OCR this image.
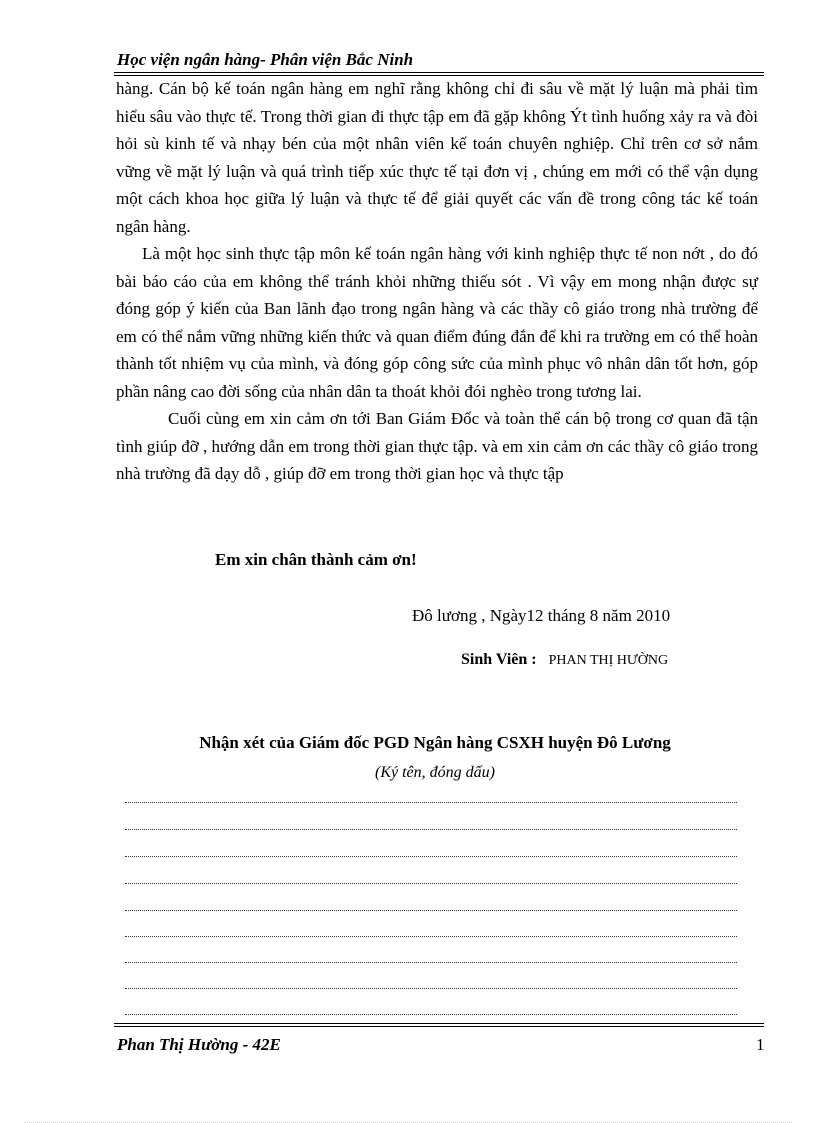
Học viện ngân hàng- Phân viện Bắc Ninh

hàng. Cán bộ kế toán ngân hàng em nghĩ rằng không chỉ đi sâu về mặt lý luận mà phải tìm hiểu sâu vào thực tế. Trong thời gian đi thực tập em đã gặp không Ýt tình huống xảy ra và đòi hỏi sù kinh tế và nhạy bén của một nhân viên kế toán chuyên nghiệp. Chỉ trên cơ sở nắm vững về mặt lý luận và quá trình tiếp xúc thực tế tại đơn vị , chúng em mới có thể vận dụng một cách khoa học giữa lý luận và thực tế để giải quyết các vấn đề trong công tác kế toán ngân hàng.

Là một học sinh thực tập môn kế toán ngân hàng với kinh nghiệp thực tế non nớt , do đó bài báo cáo của em không thể tránh khỏi những thiếu sót . Vì vậy em mong nhận được sự đóng góp ý kiến của Ban lãnh đạo trong ngân hàng và các thầy cô giáo trong nhà trường để em có thể nắm vững những kiến thức và quan điểm đúng đắn để khi ra trường em có thể hoàn thành tốt nhiệm vụ của mình, và đóng góp công sức của mình phục vô nhân dân tốt hơn, góp phần nâng cao đời sống của nhân dân ta thoát khỏi đói nghèo trong tương lai.

Cuối cùng em xin cảm ơn tới Ban Giám Đốc và toàn thể cán bộ trong cơ quan đã tận tình giúp đỡ , hướng dẫn em trong thời gian thực tập. và em xin cảm ơn các thầy cô giáo trong nhà trường đã dạy dỗ , giúp đỡ em trong thời gian học và thực tập

Em xin chân thành cảm ơn!
Đô lương , Ngày12 tháng 8 năm 2010
Sinh Viên : PHAN THỊ HƯỜNG
Nhận xét của Giám đốc PGD Ngân hàng CSXH huyện Đô Lương
(Ký tên, đóng dấu)
Phan Thị Hường - 42E	1
